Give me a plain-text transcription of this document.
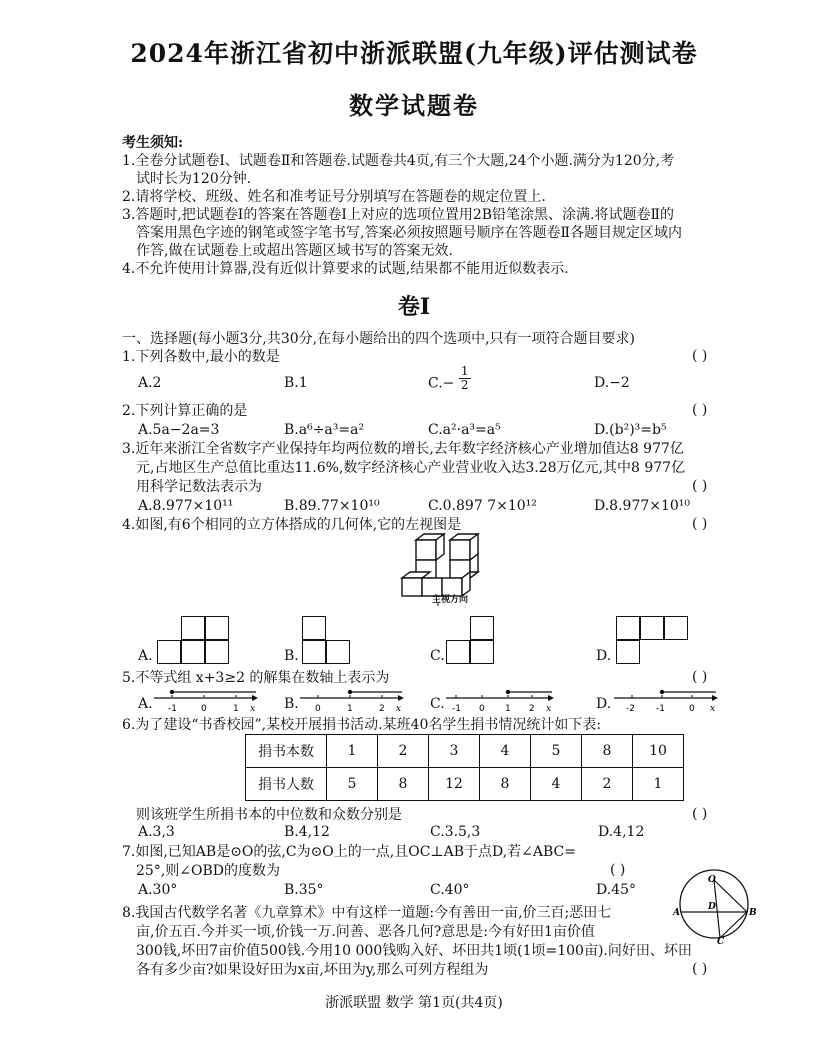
2024年浙江省初中浙派联盟(九年级)评估测试卷
数学试题卷
考生须知:
1.全卷分试题卷Ⅰ、试题卷Ⅱ和答题卷.试题卷共4页,有三个大题,24个小题.满分为120分,考
试时长为120分钟.
2.请将学校、班级、姓名和准考证号分别填写在答题卷的规定位置上.
3.答题时,把试题卷Ⅰ的答案在答题卷Ⅰ上对应的选项位置用2B铅笔涂黑、涂满.将试题卷Ⅱ的
答案用黑色字迹的钢笔或签字笔书写,答案必须按照题号顺序在答题卷Ⅱ各题目规定区域内
作答,做在试题卷上或超出答题区域书写的答案无效.
4.不允许使用计算器,没有近似计算要求的试题,结果都不能用近似数表示.
卷Ⅰ
一、选择题(每小题3分,共30分,在每小题给出的四个选项中,只有一项符合题目要求)
1.下列各数中,最小的数是	( )
A.2	B.1	$C.- \frac{1}{2}$	D.−2
2.下列计算正确的是	( )
A.5a−2a=3	B.a⁶÷a³=a²	C.a²·a³=a⁵	D.(b²)³=b⁵
3.近年来浙江全省数字产业保持年均两位数的增长,去年数字经济核心产业增加值达8 977亿
元,占地区生产总值比重达11.6%,数字经济核心产业营业收入达3.28万亿元,其中8 977亿
用科学记数法表示为	( )
A.8.977×10¹¹	B.89.77×10¹⁰	C.0.897 7×10¹²	D.8.977×10¹⁰
4.如图,有6个相同的立方体搭成的几何体,它的左视图是	( )
主视方向
A.	B.	C.	D.
5.不等式组 x+3≥2 的解集在数轴上表示为	( )
A. -1	0	1 x B. 0	1	2 x C. -1 0 1 2 x	D. -2 -1	0 x
6.为了建设“书香校园”,某校开展捐书活动.某班40名学生捐书情况统计如下表:
捐书本数	1	2	3	4	5	8	10
捐书人数	5	8	12	8	4	2	1
则该班学生所捐书本的中位数和众数分别是	( )
A.3,3	B.4,12	C.3.5,3	D.4,12
7.如图,已知AB是⊙O的弦,C为⊙O上的一点,且OC⊥AB于点D,若∠ABC=
25°,则∠OBD的度数为	( )
A.30°	B.35°	C.40°	D.45°
O
A	B
C
D
8.我国古代数学名著《九章算术》中有这样一道题:今有善田一亩,价三百;恶田七
亩,价五百.今并买一顷,价钱一万.问善、恶各几何?意思是:今有好田1亩价值
300钱,坏田7亩价值500钱.今用10 000钱购入好、坏田共1顷(1顷=100亩).问好田、坏田
各有多少亩?如果设好田为x亩,坏田为y,那么可列方程组为	( )
浙派联盟 数学 第1页(共4页)
